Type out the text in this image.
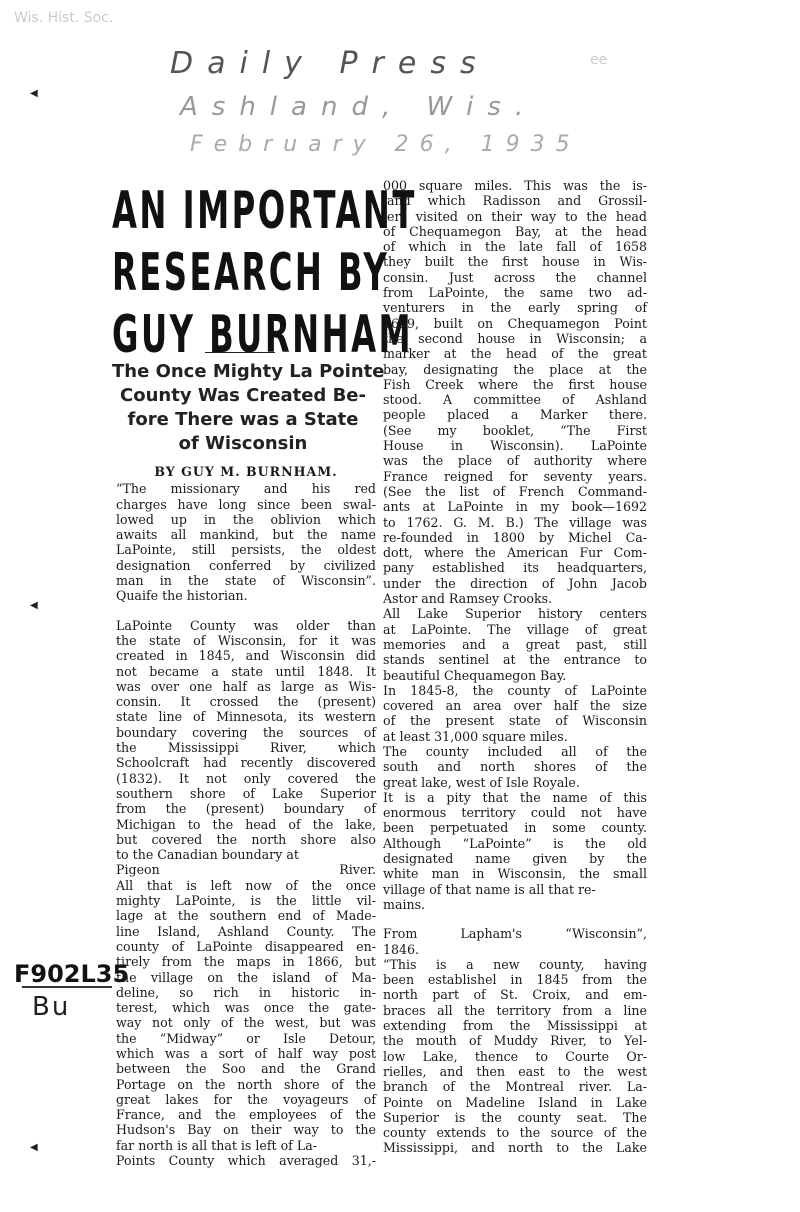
Wis. Hist. Soc.
ee
◀
◀
◀
Daily Press
Ashland, Wis.
February 26, 1935
F902L35
Bu
AN IMPORTANT
RESEARCH BY
GUY BURNHAM
The Once Mighty La Pointe
County Was Created Be-
fore There was a State
of Wisconsin

BY GUY M. BURNHAM.

“The missionary and his red

charges have long since been swal-

lowed up in the oblivion which

awaits all mankind, but the name

LaPointe, still persists, the oldest

designation conferred by civilized

man in the state of Wisconsin”.

Quaife the historian.

LaPointe County was older than

the state of Wisconsin, for it was

created in 1845, and Wisconsin did

not became a state until 1848. It

was over one half as large as Wis-

consin. It crossed the (present)

state line of Minnesota, its western

boundary covering the sources of

the Mississippi River, which

Schoolcraft had recently discovered

(1832). It not only covered the

southern shore of Lake Superior

from the (present) boundary of

Michigan to the head of the lake,

but covered the north shore also

to the Canadian boundary at

Pigeon River.

All that is left now of the once

mighty LaPointe, is the little vil-

lage at the southern end of Made-

line Island, Ashland County. The

county of LaPointe disappeared en-

tirely from the maps in 1866, but

the village on the island of Ma-

deline, so rich in historic in-

terest, which was once the gate-

way not only of the west, but was

the “Midway” or Isle Detour,

which was a sort of half way post

between the Soo and the Grand

Portage on the north shore of the

great lakes for the voyageurs of

France, and the employees of the

Hudson's Bay on their way to the

far north is all that is left of La-

Points County which averaged 31,-

000 square miles. This was the is-

land which Radisson and Grossil-

lers visited on their way to the head

of Chequamegon Bay, at the head

of which in the late fall of 1658

they built the first house in Wis-

consin. Just across the channel

from LaPointe, the same two ad-

venturers in the early spring of

1659, built on Chequamegon Point

the second house in Wisconsin; a

marker at the head of the great

bay, designating the place at the

Fish Creek where the first house

stood. A committee of Ashland

people placed a Marker there.

(See my booklet, “The First

House in Wisconsin). LaPointe

was the place of authority where

France reigned for seventy years.

(See the list of French Command-

ants at LaPointe in my book—1692

to 1762. G. M. B.) The village was

re-founded in 1800 by Michel Ca-

dott, where the American Fur Com-

pany established its headquarters,

under the direction of John Jacob

Astor and Ramsey Crooks.

All Lake Superior history centers

at LaPointe. The village of great

memories and a great past, still

stands sentinel at the entrance to

beautiful Chequamegon Bay.

In 1845-8, the county of LaPointe

covered an area over half the size

of the present state of Wisconsin

at least 31,000 square miles.

The county included all of the

south and north shores of the

great lake, west of Isle Royale.

It is a pity that the name of this

enormous territory could not have

been perpetuated in some county.

Although “LaPointe” is the old

designated name given by the

white man in Wisconsin, the small

village of that name is all that re-

mains.

From Lapham's “Wisconsin”,

1846.

“This is a new county, having

been establishel in 1845 from the

north part of St. Croix, and em-

braces all the territory from a line

extending from the Mississippi at

the mouth of Muddy River, to Yel-

low Lake, thence to Courte Or-

rielles, and then east to the west

branch of the Montreal river. La-

Pointe on Madeline Island in Lake

Superior is the county seat. The

county extends to the source of the

Mississippi, and north to the Lake
